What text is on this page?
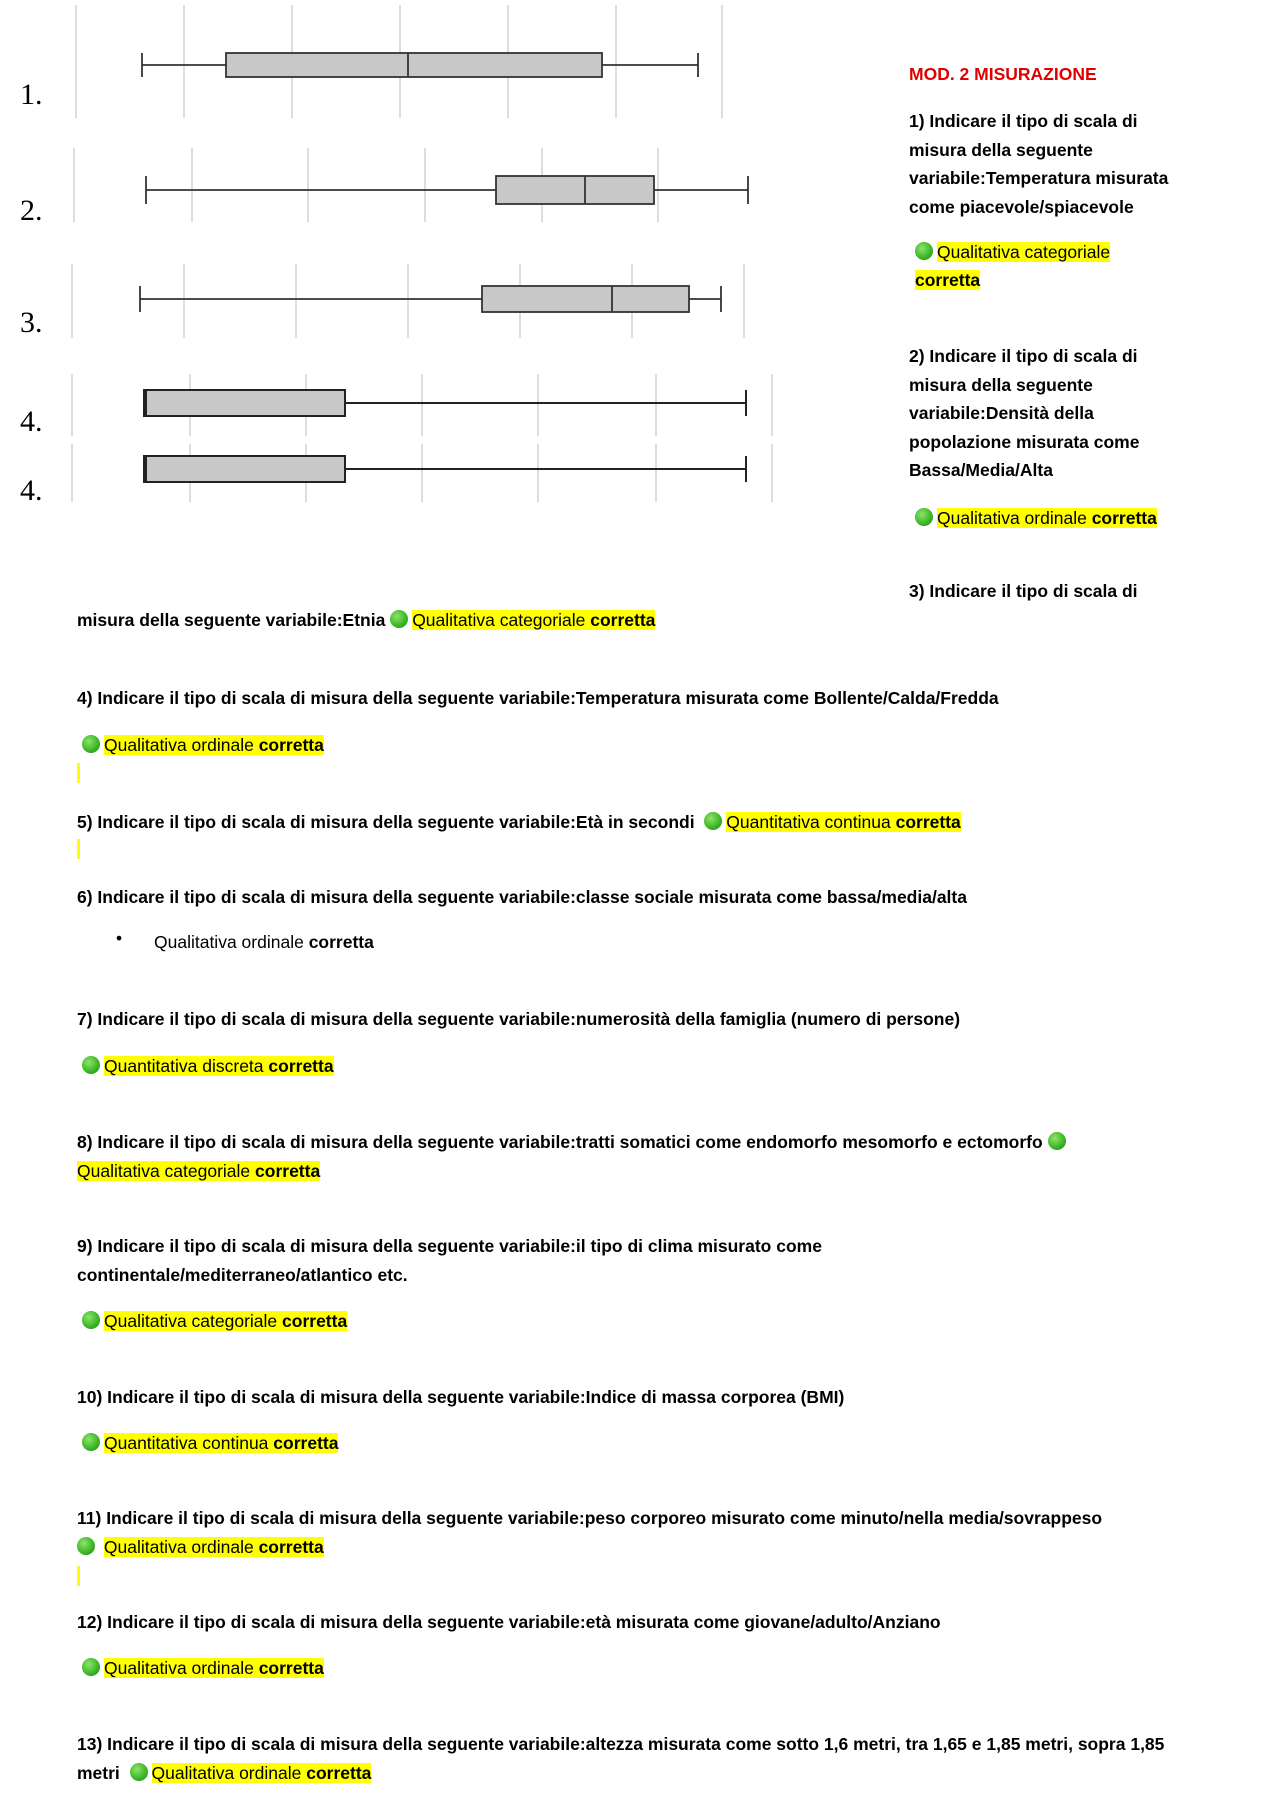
1.
2.
3.
4.
4.
MOD. 2 MISURAZIONE
1) Indicare il tipo di scala di misura della seguente variabile:Temperatura misurata come piacevole/spiacevole
Qualitativa categoriale corretta
2) Indicare il tipo di scala di misura della seguente variabile:Densità della popolazione misurata come Bassa/Media/Alta
Qualitativa ordinale corretta
3) Indicare il tipo di scala di misura della seguente variabile:Etnia Qualitativa categoriale corretta
4) Indicare il tipo di scala di misura della seguente variabile:Temperatura misurata come Bollente/Calda/Fredda
Qualitativa ordinale corretta
5) Indicare il tipo di scala di misura della seguente variabile:Età in secondi Quantitativa continua corretta
6) Indicare il tipo di scala di misura della seguente variabile:classe sociale misurata come bassa/media/alta
• Qualitativa ordinale corretta
7) Indicare il tipo di scala di misura della seguente variabile:numerosità della famiglia (numero di persone)
Quantitativa discreta corretta
8) Indicare il tipo di scala di misura della seguente variabile:tratti somatici come endomorfo mesomorfo e ectomorfo
Qualitativa categoriale corretta
9) Indicare il tipo di scala di misura della seguente variabile:il tipo di clima misurato come continentale/mediterraneo/atlantico etc.
Qualitativa categoriale corretta
10) Indicare il tipo di scala di misura della seguente variabile:Indice di massa corporea (BMI)
Quantitativa continua corretta
11) Indicare il tipo di scala di misura della seguente variabile:peso corporeo misurato come minuto/nella media/sovrappeso
Qualitativa ordinale corretta
12) Indicare il tipo di scala di misura della seguente variabile:età misurata come giovane/adulto/Anziano
Qualitativa ordinale corretta
13) Indicare il tipo di scala di misura della seguente variabile:altezza misurata come sotto 1,6 metri, tra 1,65 e 1,85 metri, sopra 1,85 metri Qualitativa ordinale corretta
